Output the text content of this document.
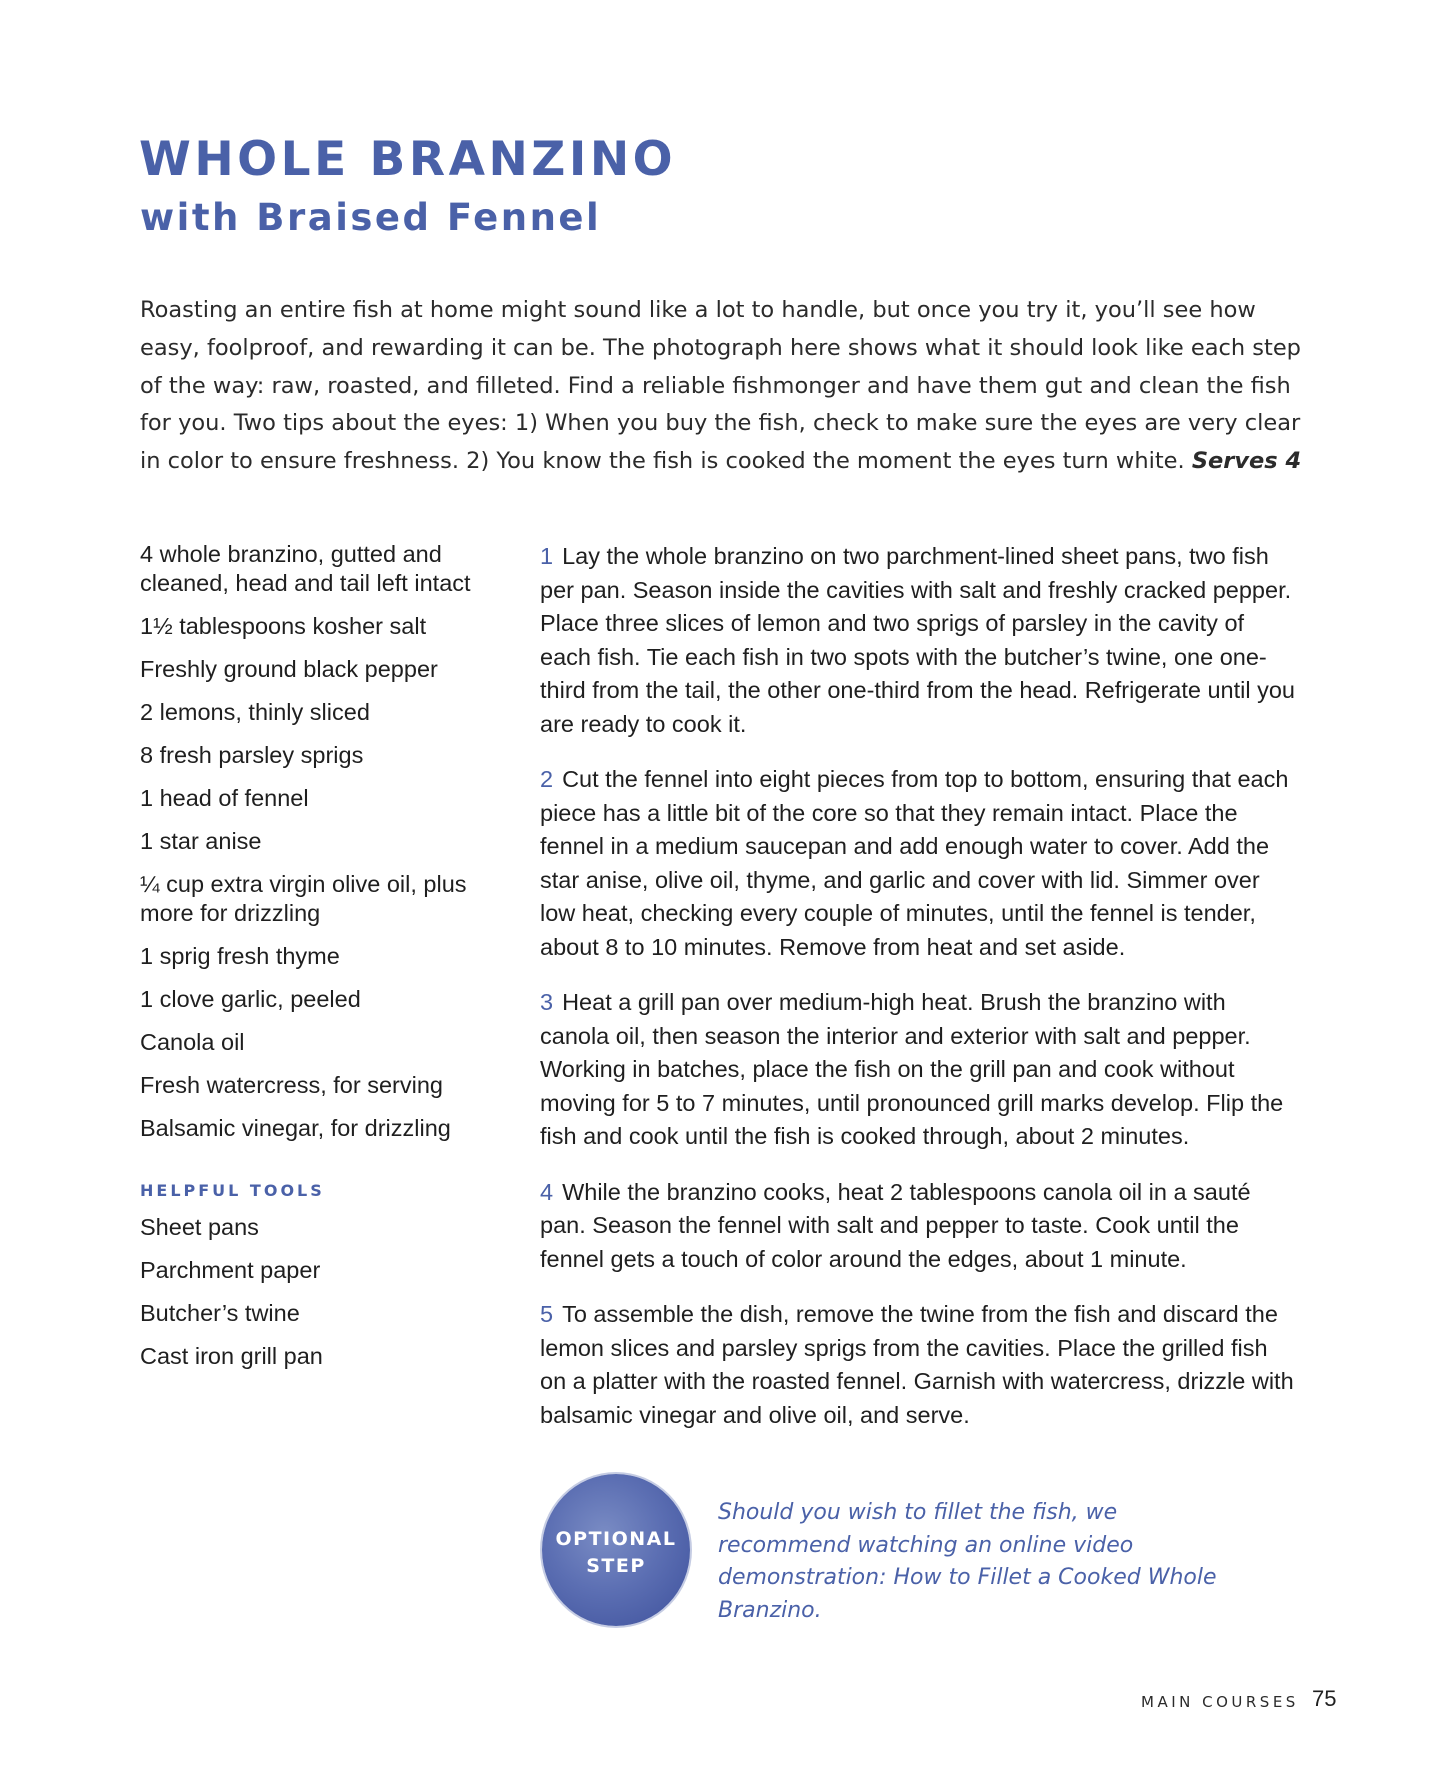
WHOLE BRANZINO
with Braised Fennel

Roasting an entire fish at home might sound like a lot to handle, but once you try it, you’ll see how easy, foolproof, and rewarding it can be. The photograph here shows what it should look like each step of the way: raw, roasted, and filleted. Find a reliable fishmonger and have them gut and clean the fish for you. Two tips about the eyes: 1) When you buy the fish, check to make sure the eyes are very clear in color to ensure freshness. 2) You know the fish is cooked the moment the eyes turn white. Serves 4

4 whole branzino, gutted and cleaned, head and tail left intact
1½ tablespoons kosher salt
Freshly ground black pepper
2 lemons, thinly sliced
8 fresh parsley sprigs
1 head of fennel
1 star anise
¼ cup extra virgin olive oil, plus more for drizzling
1 sprig fresh thyme
1 clove garlic, peeled
Canola oil
Fresh watercress, for serving
Balsamic vinegar, for drizzling
HELPFUL TOOLS
Sheet pans
Parchment paper
Butcher’s twine
Cast iron grill pan
1 Lay the whole branzino on two parchment-lined sheet pans, two fish per pan. Season inside the cavities with salt and freshly cracked pepper. Place three slices of lemon and two sprigs of parsley in the cavity of each fish. Tie each fish in two spots with the butcher’s twine, one one-third from the tail, the other one-third from the head. Refrigerate until you are ready to cook it.
2 Cut the fennel into eight pieces from top to bottom, ensuring that each piece has a little bit of the core so that they remain intact. Place the fennel in a medium saucepan and add enough water to cover. Add the star anise, olive oil, thyme, and garlic and cover with lid. Simmer over low heat, checking every couple of minutes, until the fennel is tender, about 8 to 10 minutes. Remove from heat and set aside.
3 Heat a grill pan over medium-high heat. Brush the branzino with canola oil, then season the interior and exterior with salt and pepper. Working in batches, place the fish on the grill pan and cook without moving for 5 to 7 minutes, until pronounced grill marks develop. Flip the fish and cook until the fish is cooked through, about 2 minutes.
4 While the branzino cooks, heat 2 tablespoons canola oil in a sauté pan. Season the fennel with salt and pepper to taste. Cook until the fennel gets a touch of color around the edges, about 1 minute.
5 To assemble the dish, remove the twine from the fish and discard the lemon slices and parsley sprigs from the cavities. Place the grilled fish on a platter with the roasted fennel. Garnish with watercress, drizzle with balsamic vinegar and olive oil, and serve.
OPTIONAL
STEP

Should you wish to fillet the fish, we recommend watching an online video demonstration: How to Fillet a Cooked Whole Branzino.

MAIN COURSES 75
